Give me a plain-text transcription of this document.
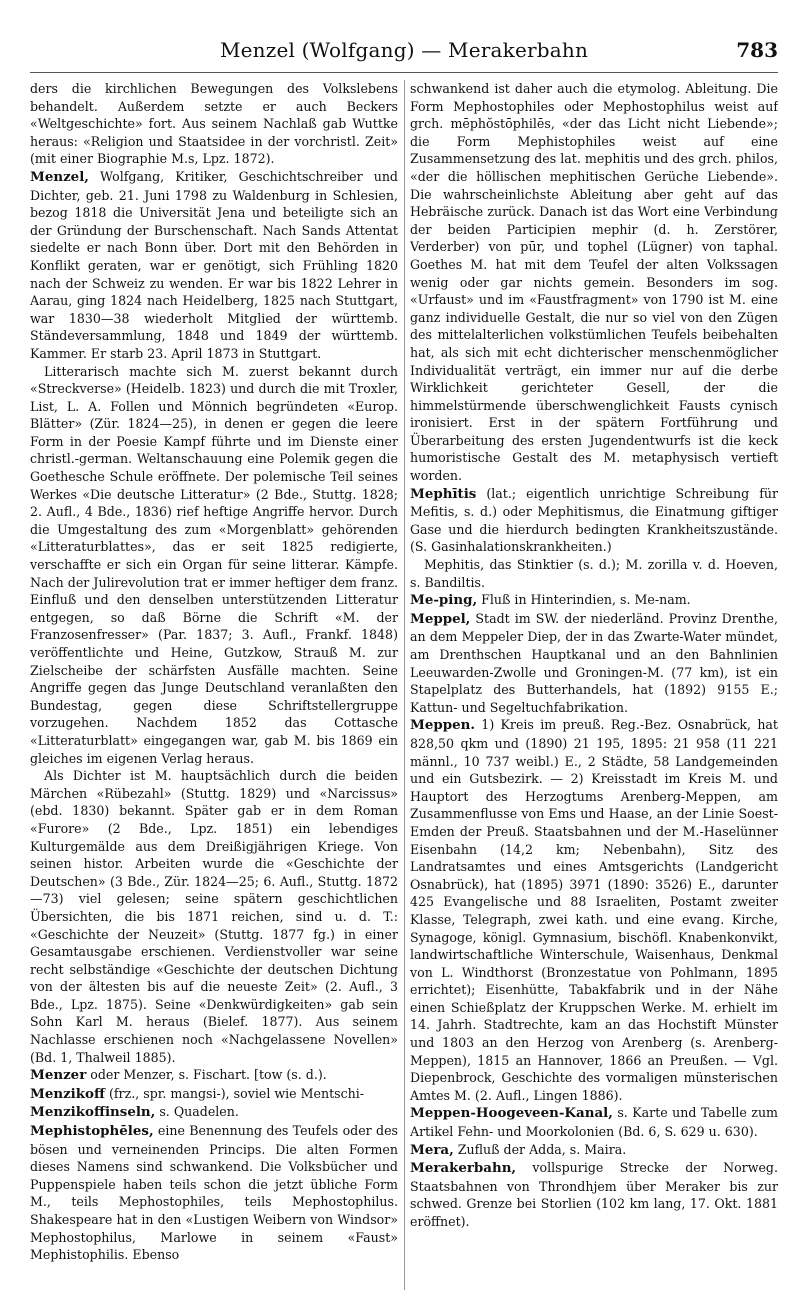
Menzel (Wolfgang) — Merakerbahn	783

ders die kirchlichen Bewegungen des Volkslebens behandelt. Außerdem setzte er auch Beckers «Weltgeschichte» fort. Aus seinem Nachlaß gab Wuttke heraus: «Religion und Staatsidee in der vorchristl. Zeit» (mit einer Biographie M.s, Lpz. 1872).

Menzel, Wolfgang, Kritiker, Geschichtschreiber und Dichter, geb. 21. Juni 1798 zu Waldenburg in Schlesien, bezog 1818 die Universität Jena und beteiligte sich an der Gründung der Burschenschaft. Nach Sands Attentat siedelte er nach Bonn über. Dort mit den Behörden in Konflikt geraten, war er genötigt, sich Frühling 1820 nach der Schweiz zu wenden. Er war bis 1822 Lehrer in Aarau, ging 1824 nach Heidelberg, 1825 nach Stuttgart, war 1830—38 wiederholt Mitglied der württemb. Ständeversammlung, 1848 und 1849 der württemb. Kammer. Er starb 23. April 1873 in Stuttgart.

Litterarisch machte sich M. zuerst bekannt durch «Streckverse» (Heidelb. 1823) und durch die mit Troxler, List, L. A. Follen und Mönnich begründeten «Europ. Blätter» (Zür. 1824—25), in denen er gegen die leere Form in der Poesie Kampf führte und im Dienste einer christl.-german. Weltanschauung eine Polemik gegen die Goethesche Schule eröffnete. Der polemische Teil seines Werkes «Die deutsche Litteratur» (2 Bde., Stuttg. 1828; 2. Aufl., 4 Bde., 1836) rief heftige Angriffe hervor. Durch die Umgestaltung des zum «Morgenblatt» gehörenden «Litteraturblattes», das er seit 1825 redigierte, verschaffte er sich ein Organ für seine litterar. Kämpfe. Nach der Julirevolution trat er immer heftiger dem franz. Einfluß und den denselben unterstützenden Litteratur entgegen, so daß Börne die Schrift «M. der Franzosenfresser» (Par. 1837; 3. Aufl., Frankf. 1848) veröffentlichte und Heine, Gutzkow, Strauß M. zur Zielscheibe der schärfsten Ausfälle machten. Seine Angriffe gegen das Junge Deutschland veranlaßten den Bundestag, gegen diese Schriftstellergruppe vorzugehen. Nachdem 1852 das Cottasche «Litteraturblatt» eingegangen war, gab M. bis 1869 ein gleiches im eigenen Verlag heraus.

Als Dichter ist M. hauptsächlich durch die beiden Märchen «Rübezahl» (Stuttg. 1829) und «Narcissus» (ebd. 1830) bekannt. Später gab er in dem Roman «Furore» (2 Bde., Lpz. 1851) ein lebendiges Kulturgemälde aus dem Dreißigjährigen Kriege. Von seinen histor. Arbeiten wurde die «Geschichte der Deutschen» (3 Bde., Zür. 1824—25; 6. Aufl., Stuttg. 1872—73) viel gelesen; seine spätern geschichtlichen Übersichten, die bis 1871 reichen, sind u. d. T.: «Geschichte der Neuzeit» (Stuttg. 1877 fg.) in einer Gesamtausgabe erschienen. Verdienstvoller war seine recht selbständige «Geschichte der deutschen Dichtung von der ältesten bis auf die neueste Zeit» (2. Aufl., 3 Bde., Lpz. 1875). Seine «Denkwürdigkeiten» gab sein Sohn Karl M. heraus (Bielef. 1877). Aus seinem Nachlasse erschienen noch «Nachgelassene Novellen» (Bd. 1, Thalweil 1885).

Menzer oder Menzer, s. Fischart. [tow (s. d.).

Menzikoff (frz., spr. mangsi-), soviel wie Mentschi-

Menzikoffinseln, s. Quadelen.

Mephistophēles, eine Benennung des Teufels oder des bösen und verneinenden Princips. Die alten Formen dieses Namens sind schwankend. Die Volksbücher und Puppenspiele haben teils schon die jetzt übliche Form M., teils Mephostophiles, teils Mephostophilus. Shakespeare hat in den «Lustigen Weibern von Windsor» Mephostophilus, Marlowe in seinem «Faust» Mephistophilis. Ebenso

schwankend ist daher auch die etymolog. Ableitung. Die Form Mephostophiles oder Mephostophilus weist auf grch. mēphŏstōphilēs, «der das Licht nicht Liebende»; die Form Mephistophiles weist auf eine Zusammensetzung des lat. mephitis und des grch. philos, «der die höllischen mephitischen Gerüche Liebende». Die wahrscheinlichste Ableitung aber geht auf das Hebräische zurück. Danach ist das Wort eine Verbindung der beiden Participien mephir (d. h. Zerstörer, Verderber) von pūr, und tophel (Lügner) von taphal. Goethes M. hat mit dem Teufel der alten Volkssagen wenig oder gar nichts gemein. Besonders im sog. «Urfaust» und im «Faustfragment» von 1790 ist M. eine ganz individuelle Gestalt, die nur so viel von den Zügen des mittelalterlichen volkstümlichen Teufels beibehalten hat, als sich mit echt dichterischer menschenmöglicher Individualität verträgt, ein immer nur auf die derbe Wirklichkeit gerichteter Gesell, der die himmelstürmende überschwenglichkeit Fausts cynisch ironisiert. Erst in der spätern Fortführung und Überarbeitung des ersten Jugendentwurfs ist die keck humoristische Gestalt des M. metaphysisch vertieft worden.

Mephītis (lat.; eigentlich unrichtige Schreibung für Mefitis, s. d.) oder Mephitismus, die Einatmung giftiger Gase und die hierdurch bedingten Krankheitszustände. (S. Gasinhalationskrankheiten.)

Mephitis, das Stinktier (s. d.); M. zorilla v. d. Hoeven, s. Bandiltis.

Me-ping, Fluß in Hinterindien, s. Me-nam.

Meppel, Stadt im SW. der niederländ. Provinz Drenthe, an dem Meppeler Diep, der in das Zwarte-Water mündet, am Drenthschen Hauptkanal und an den Bahnlinien Leeuwarden-Zwolle und Groningen-M. (77 km), ist ein Stapelplatz des Butterhandels, hat (1892) 9155 E.; Kattun- und Segeltuchfabrikation.

Meppen. 1) Kreis im preuß. Reg.-Bez. Osnabrück, hat 828,50 qkm und (1890) 21 195, 1895: 21 958 (11 221 männl., 10 737 weibl.) E., 2 Städte, 58 Landgemeinden und ein Gutsbezirk. — 2) Kreisstadt im Kreis M. und Hauptort des Herzogtums Arenberg-Meppen, am Zusammenflusse von Ems und Haase, an der Linie Soest-Emden der Preuß. Staatsbahnen und der M.-Haselünner Eisenbahn (14,2 km; Nebenbahn), Sitz des Landratsamtes und eines Amtsgerichts (Landgericht Osnabrück), hat (1895) 3971 (1890: 3526) E., darunter 425 Evangelische und 88 Israeliten, Postamt zweiter Klasse, Telegraph, zwei kath. und eine evang. Kirche, Synagoge, königl. Gymnasium, bischöfl. Knabenkonvikt, landwirtschaftliche Winterschule, Waisenhaus, Denkmal von L. Windthorst (Bronzestatue von Pohlmann, 1895 errichtet); Eisenhütte, Tabakfabrik und in der Nähe einen Schießplatz der Kruppschen Werke. M. erhielt im 14. Jahrh. Stadtrechte, kam an das Hochstift Münster und 1803 an den Herzog von Arenberg (s. Arenberg-Meppen), 1815 an Hannover, 1866 an Preußen. — Vgl. Diepenbrock, Geschichte des vormaligen münsterischen Amtes M. (2. Aufl., Lingen 1886).

Meppen-Hoogeveen-Kanal, s. Karte und Tabelle zum Artikel Fehn- und Moorkolonien (Bd. 6, S. 629 u. 630).

Mera, Zufluß der Adda, s. Maira.

Merakerbahn, vollspurige Strecke der Norweg. Staatsbahnen von Throndhjem über Meraker bis zur schwed. Grenze bei Storlien (102 km lang, 17. Okt. 1881 eröffnet).
